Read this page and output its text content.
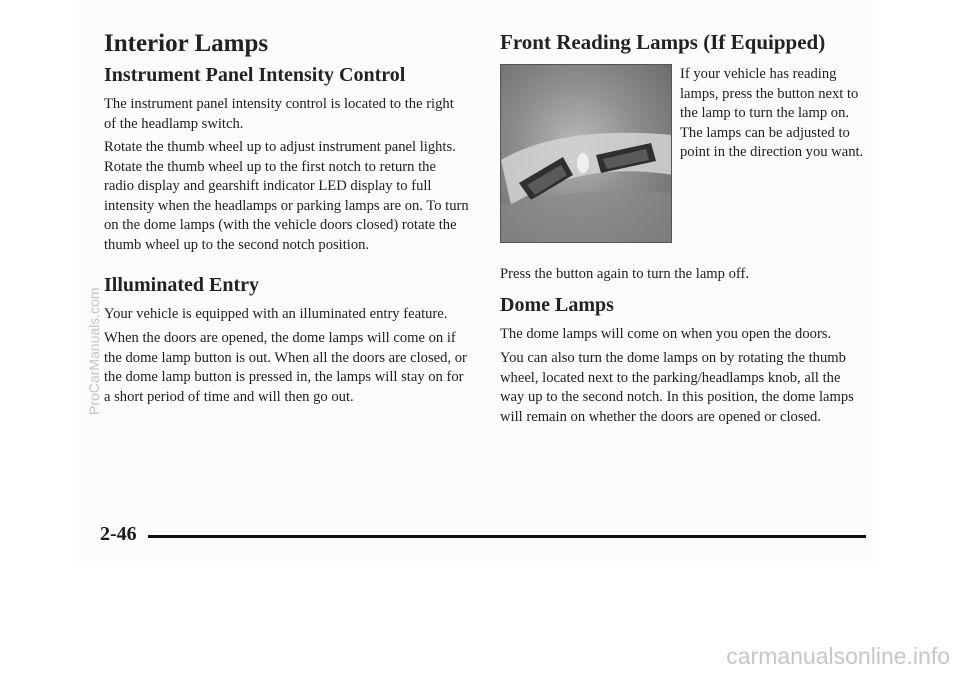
Interior Lamps
Instrument Panel Intensity Control
The instrument panel intensity control is located to the right of the headlamp switch.
Rotate the thumb wheel up to adjust instrument panel lights. Rotate the thumb wheel up to the first notch to return the radio display and gearshift indicator LED display to full intensity when the headlamps or parking lamps are on. To turn on the dome lamps (with the vehicle doors closed) rotate the thumb wheel up to the second notch position.
Illuminated Entry
Your vehicle is equipped with an illuminated entry feature.
When the doors are opened, the dome lamps will come on if the dome lamp button is out. When all the doors are closed, or the dome lamp button is pressed in, the lamps will stay on for a short period of time and will then go out.
Front Reading Lamps (If Equipped)
If your vehicle has reading lamps, press the button next to the lamp to turn the lamp on. The lamps can be adjusted to point in the direction you want.
Press the button again to turn the lamp off.
Dome Lamps
The dome lamps will come on when you open the doors.
You can also turn the dome lamps on by rotating the thumb wheel, located next to the parking/headlamps knob, all the way up to the second notch. In this position, the dome lamps will remain on whether the doors are opened or closed.
2-46
ProCarManuals.com
carmanualsonline.info
